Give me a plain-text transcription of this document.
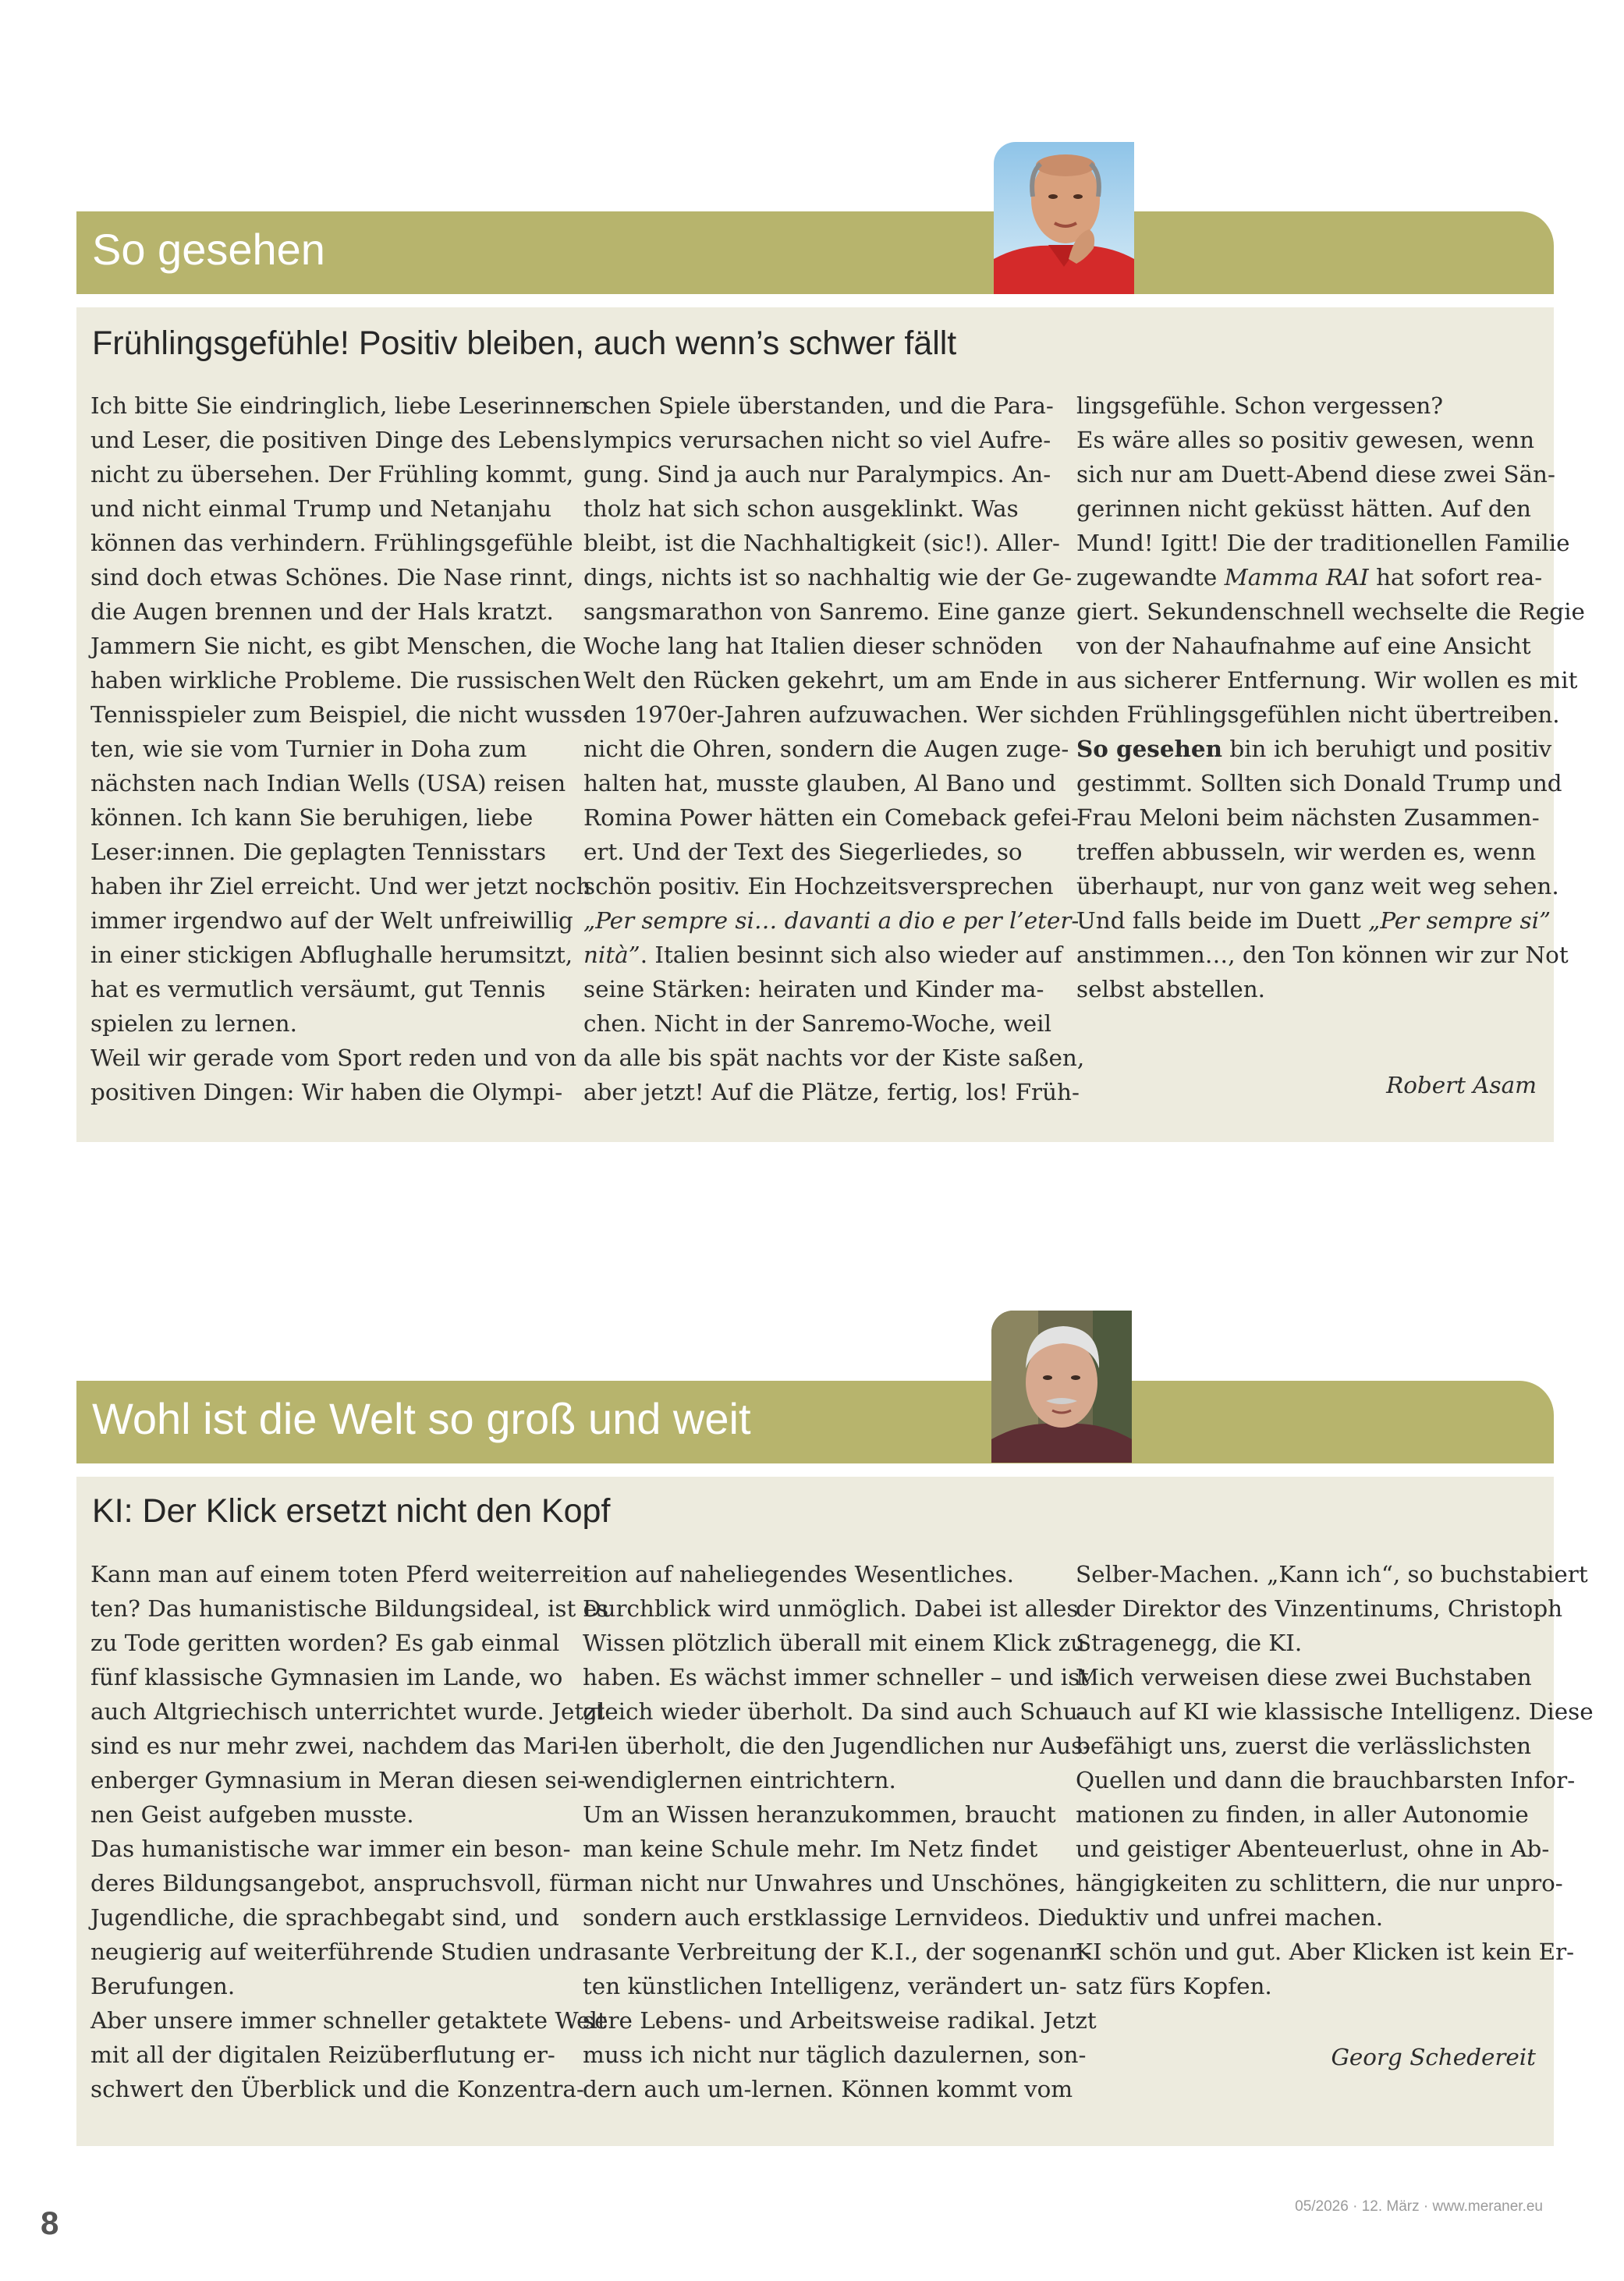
So gesehen
Frühlingsgefühle! Positiv bleiben, auch wenn’s schwer fällt
Ich bitte Sie eindringlich, liebe Leserinnen
und Leser, die positiven Dinge des Lebens
nicht zu übersehen. Der Frühling kommt,
und nicht einmal Trump und Netanjahu
können das verhindern. Frühlingsgefühle
sind doch etwas Schönes. Die Nase rinnt,
die Augen brennen und der Hals kratzt.
Jammern Sie nicht, es gibt Menschen, die
haben wirkliche Probleme. Die russischen
Tennisspieler zum Beispiel, die nicht wuss-
ten, wie sie vom Turnier in Doha zum
nächsten nach Indian Wells (USA) reisen
können. Ich kann Sie beruhigen, liebe
Leser:innen. Die geplagten Tennisstars
haben ihr Ziel erreicht. Und wer jetzt noch
immer irgendwo auf der Welt unfreiwillig
in einer stickigen Abflughalle herumsitzt,
hat es vermutlich versäumt, gut Tennis
spielen zu lernen.
Weil wir gerade vom Sport reden und von
positiven Dingen: Wir haben die Olympi-
schen Spiele überstanden, und die Para-
lympics verursachen nicht so viel Aufre-
gung. Sind ja auch nur Paralympics. An-
tholz hat sich schon ausgeklinkt. Was
bleibt, ist die Nachhaltigkeit (sic!). Aller-
dings, nichts ist so nachhaltig wie der Ge-
sangsmarathon von Sanremo. Eine ganze
Woche lang hat Italien dieser schnöden
Welt den Rücken gekehrt, um am Ende in
den 1970er-Jahren aufzuwachen. Wer sich
nicht die Ohren, sondern die Augen zuge-
halten hat, musste glauben, Al Bano und
Romina Power hätten ein Comeback gefei-
ert. Und der Text des Siegerliedes, so
schön positiv. Ein Hochzeitsversprechen
„Per sempre si… davanti a dio e per l’eter-
nità”. Italien besinnt sich also wieder auf
seine Stärken: heiraten und Kinder ma-
chen. Nicht in der Sanremo-Woche, weil
da alle bis spät nachts vor der Kiste saßen,
aber jetzt! Auf die Plätze, fertig, los! Früh-
lingsgefühle. Schon vergessen?
Es wäre alles so positiv gewesen, wenn
sich nur am Duett-Abend diese zwei Sän-
gerinnen nicht geküsst hätten. Auf den
Mund! Igitt! Die der traditionellen Familie
zugewandte Mamma RAI hat sofort rea-
giert. Sekundenschnell wechselte die Regie
von der Nahaufnahme auf eine Ansicht
aus sicherer Entfernung. Wir wollen es mit
den Frühlingsgefühlen nicht übertreiben.
So gesehen bin ich beruhigt und positiv
gestimmt. Sollten sich Donald Trump und
Frau Meloni beim nächsten Zusammen-
treffen abbusseln, wir werden es, wenn
überhaupt, nur von ganz weit weg sehen.
Und falls beide im Duett „Per sempre si”
anstimmen…, den Ton können wir zur Not
selbst abstellen.
Robert Asam
Wohl ist die Welt so groß und weit
KI: Der Klick ersetzt nicht den Kopf
Kann man auf einem toten Pferd weiterrei-
ten? Das humanistische Bildungsideal, ist es
zu Tode geritten worden? Es gab einmal
fünf klassische Gymnasien im Lande, wo
auch Altgriechisch unterrichtet wurde. Jetzt
sind es nur mehr zwei, nachdem das Mari-
enberger Gymnasium in Meran diesen sei-
nen Geist aufgeben musste.
Das humanistische war immer ein beson-
deres Bildungsangebot, anspruchsvoll, für
Jugendliche, die sprachbegabt sind, und
neugierig auf weiterführende Studien und
Berufungen.
Aber unsere immer schneller getaktete Welt
mit all der digitalen Reizüberflutung er-
schwert den Überblick und die Konzentra-
tion auf naheliegendes Wesentliches.
Durchblick wird unmöglich. Dabei ist alles
Wissen plötzlich überall mit einem Klick zu
haben. Es wächst immer schneller – und ist
gleich wieder überholt. Da sind auch Schu-
len überholt, die den Jugendlichen nur Aus-
wendiglernen eintrichtern.
Um an Wissen heranzukommen, braucht
man keine Schule mehr. Im Netz findet
man nicht nur Unwahres und Unschönes,
sondern auch erstklassige Lernvideos. Die
rasante Verbreitung der K.I., der sogenann-
ten künstlichen Intelligenz, verändert un-
sere Lebens- und Arbeitsweise radikal. Jetzt
muss ich nicht nur täglich dazulernen, son-
dern auch um-lernen. Können kommt vom
Selber-Machen. „Kann ich“, so buchstabiert
der Direktor des Vinzentinums, Christoph
Stragenegg, die KI.
Mich verweisen diese zwei Buchstaben
auch auf KI wie klassische Intelligenz. Diese
befähigt uns, zuerst die verlässlichsten
Quellen und dann die brauchbarsten Infor-
mationen zu finden, in aller Autonomie
und geistiger Abenteuerlust, ohne in Ab-
hängigkeiten zu schlittern, die nur unpro-
duktiv und unfrei machen.
KI schön und gut. Aber Klicken ist kein Er-
satz fürs Kopfen.
Georg Schedereit
8	05/2026 · 12. März · www.meraner.eu
